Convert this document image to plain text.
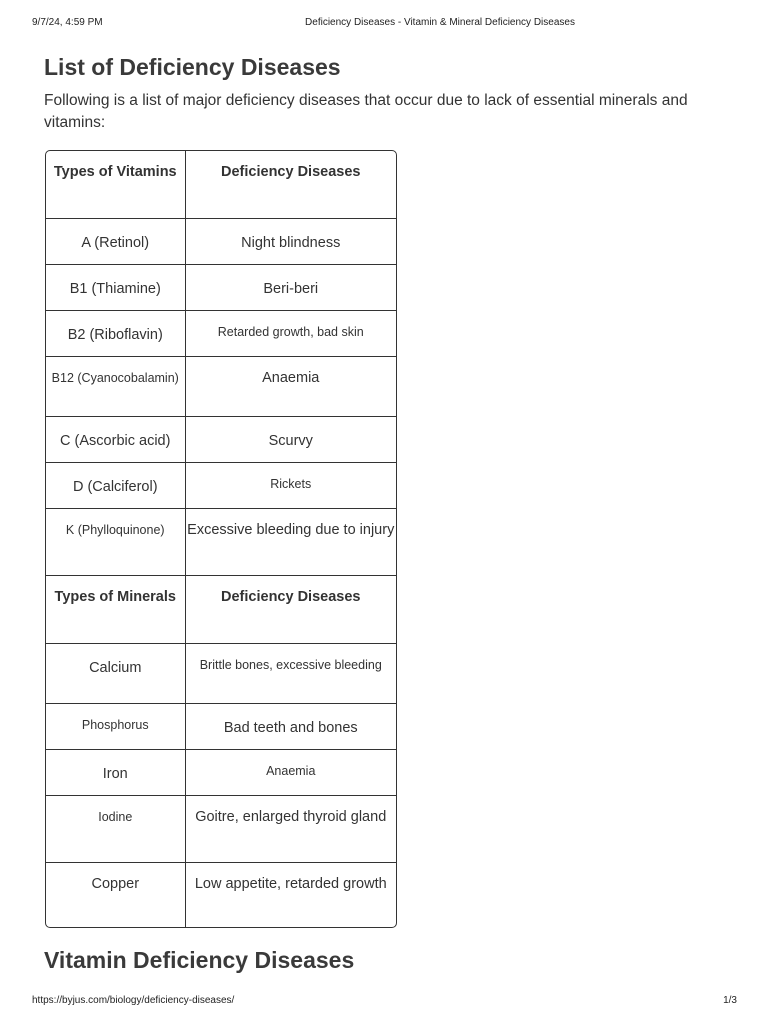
9/7/24, 4:59 PM	Deficiency Diseases - Vitamin & Mineral Deficiency Diseases
List of Deficiency Diseases

Following is a list of major deficiency diseases that occur due to lack of essential minerals and vitamins:

Types of Vitamins	Deficiency Diseases
A (Retinol)	Night blindness
B1 (Thiamine)	Beri-beri
B2 (Riboflavin)	Retarded growth, bad skin
B12 (Cyanocobalamin)	Anaemia
C (Ascorbic acid)	Scurvy
D (Calciferol)	Rickets
K (Phylloquinone)	Excessive bleeding due to injury
Types of Minerals	Deficiency Diseases
Calcium	Brittle bones, excessive bleeding
Phosphorus	Bad teeth and bones
Iron	Anaemia
Iodine	Goitre, enlarged thyroid gland
Copper	Low appetite, retarded growth
Vitamin Deficiency Diseases
https://byjus.com/biology/deficiency-diseases/	1/3
